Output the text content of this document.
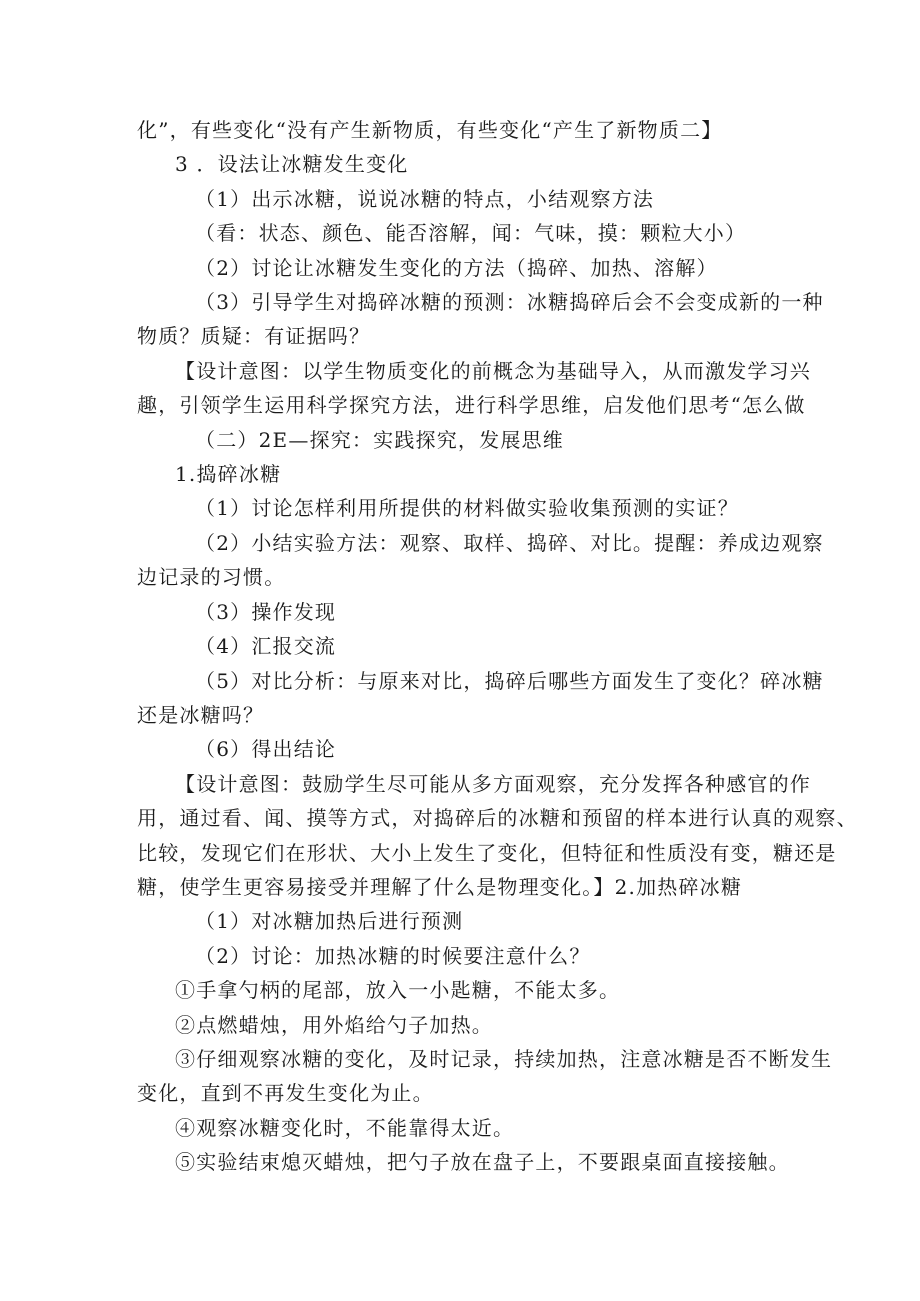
化”，有些变化“没有产生新物质，有些变化“产生了新物质二】
3 ．设法让冰糖发生变化
（1）出示冰糖，说说冰糖的特点，小结观察方法
（看：状态、颜色、能否溶解，闻：气味，摸：颗粒大小）
（2）讨论让冰糖发生变化的方法（捣碎、加热、溶解）
（3）引导学生对捣碎冰糖的预测：冰糖捣碎后会不会变成新的一种
物质？质疑：有证据吗？
【设计意图：以学生物质变化的前概念为基础导入，从而激发学习兴
趣，引领学生运用科学探究方法，进行科学思维，启发他们思考“怎么做
（二）2E—探究：实践探究，发展思维
1.捣碎冰糖
（1）讨论怎样利用所提供的材料做实验收集预测的实证？
（2）小结实验方法：观察、取样、捣碎、对比。提醒：养成边观察
边记录的习惯。
（3）操作发现
（4）汇报交流
（5）对比分析：与原来对比，捣碎后哪些方面发生了变化？碎冰糖
还是冰糖吗？
（6）得出结论
【设计意图：鼓励学生尽可能从多方面观察，充分发挥各种感官的作
用，通过看、闻、摸等方式，对捣碎后的冰糖和预留的样本进行认真的观察、
比较，发现它们在形状、大小上发生了变化，但特征和性质没有变，糖还是
糖，使学生更容易接受并理解了什么是物理变化。】2.加热碎冰糖
（1）对冰糖加热后进行预测
（2）讨论：加热冰糖的时候要注意什么？
①手拿勺柄的尾部，放入一小匙糖，不能太多。
②点燃蜡烛，用外焰给勺子加热。
③仔细观察冰糖的变化，及时记录，持续加热，注意冰糖是否不断发生
变化，直到不再发生变化为止。
④观察冰糖变化时，不能靠得太近。
⑤实验结束熄灭蜡烛，把勺子放在盘子上，不要跟桌面直接接触。
